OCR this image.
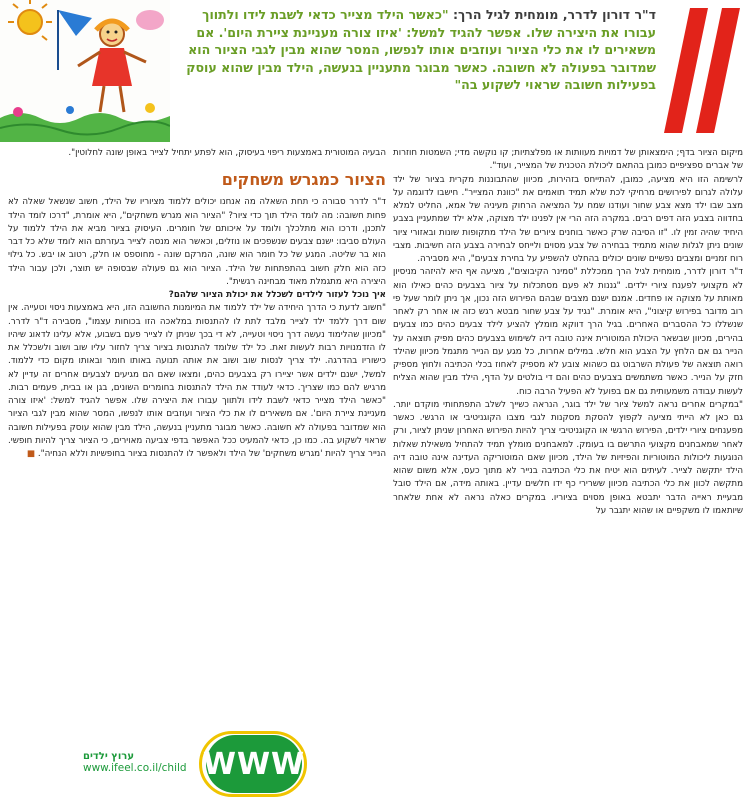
ד"ר דורון לדרר, מומחית לגיל הרך: "כאשר הילד מצייר כדאי לשבת לידו ולתווך עבורו את היצירה שלו. אפשר להגיד למשל: 'איזו צורה מעניינת ציירת היום'. אם משאירים לו את כלי הציור ועוזבים אותו לנפשו, המסר שהוא מבין לגבי הציור הוא שמדובר בפעולה לא חשובה. כאשר מבוגר מתעניין בנעשה, הילד מבין שהוא עוסק בפעילות חשובה שראוי לשקוע בה"

מיקום הציור בדף; הימצאותן של דמויות מעוותות או מפלצתיות; קו נוקשה מדי; השמטות חוזרות של אברים ספציפיים כמובן בהתאם ליכולת הטכנית של המצייר, ועוד".

לרשימה הזו היא מציעה, כמובן, להתייחס בזהירות, מכיוון שהתבוננות מקרית בציור של ילד עלולה לגרום לפירושים מרחיקי לכת שלא תמיד תואמים את "כוונת המצייר". חישבו לדוגמה על מצב שבו ילד מצא צבע שחור ועודנו שמח על המציאה הרחוק מעיניה של אמא, החליט למלא בחדווה בצבע הזה דפים רבים. במקרה הזה הרי אין לפנינו ילד מצוקה, אלא ילד שמתעניין בצבע היחיד שהיה זמין לו. "זו הסיבה שרק כאשר בוחנים ציורים של הילד מתקופות שונות ובאזורי ציור שונים ניתן לגלות שהוא מתמיד בבחירה של צבע מסוים ולייחס לבחירה בצבע הזה חשיבות. מצבי רוח זמניים ומצבים נפשיים שונים יכולים בהחלט להשפיע על בחירת צבעים", היא מסבירה.

ד"ר דורון לדרר, מומחית לגיל הרך ממכללת "סמינר הקיבוצים", מציעה אף היא להיזהר מניסיון לא מקצועי לפענח ציורי ילדים. "גננות לא פעם מסתכלות על ציור בצבעים כהים כאילו הוא מאותת על מצוקה או פחדים. אמנם ישנם מצבים שבהם הפירוש הזה נכון, אך ניתן לומר שעל פי רוב מדובר בפירוש קיצוני", היא אומרת. "נגיד על צבע שחור מבטא רגש כזה או אחר רק לאחר שנשללו כל ההסברים האחרים. בגיל הרך דווקא מומלץ להציע לילד צבעים כהים כמו צבעים בהירים, מכיוון שבשאר היכולת המוטורית אינה טובה דיה לשימוש בצבעים כהים מפיק תוצאה על הנייר גם אם הלחץ על הצבע הוא חלש. במילים אחרות, כל מגע עם הנייר מתגמל מכיוון שהילד רואה תוצאה של פעולת השרבוט גם כשהוא צובע לא מספיק לאחוז בכלי הכתיבה ולחוץ מספיק חזק על הנייר. כאשר משתמשים בצבעים כהים והם די בולטים על הדף, הילד מבין שהוא הצליח לעשות עבודה משמעותית גם אם בפועל לא הפעיל הרבה כוח.

"במקרים אחרים נראה למשל ציור של ילד בוגר, הנראה כשייך לשלב התפתחותי מוקדם יותר. גם כאן לא הייתי מציעה לקפוץ להסקת מסקנות לגבי מצבו הקוגניטיבי או הרגשי. כאשר מפענחים ציורי ילדים, הפירוש הרגשי או הקוגניטיבי צריך להיות הפירוש האחרון שניתן לציור, ורק לאחר שמאבחנים מקצועי התרשם בו בעומק. למאבחנים מומלץ תמיד להתחיל משאילת שאלות הנוגעות ליכולות המוטוריות והפיזיות של הילד, מכיוון שאם המוטוריקה העדינה אינה טובה דיה הילד יתקשה לצייר. לעיתים הוא יטיח את כלי הכתיבה בנייר לא מתוך כעס, אלא משום שהוא מתקשה לכוון את כלי הכתיבה מכיוון ששרירי כף ידו חלשים עדיין. באותה מידה, אם הילד סובל מבעיית ראייה הדבר יתבטא באופן מסוים בציוריו. במקרים כאלה נראה לא אחת שלאחר שיותאמו לו משקפיים או שהוא יתגבר על

הבעיה המוטורית באמצעות ריפוי בעיסוק, הוא לפתע יתחיל לצייר באופן שונה לחלוטין".

הציור כמגרש משחקים

ד"ר לדרר סבורה כי תחת השאלה מה אנחנו יכולים ללמוד מציוריו של הילד, חשוב שנשאל שאלה לא פחות חשובה: מה לומד הילד תוך כדי ציור? "הציור הוא מגרש משחקים", היא אומרת, "דרכו לומד הילד לתכנן, ודרכו הוא מתלכלך ולומד על איכותם של חומרים. העיסוק בציור מביא את הילד ללמוד על העולם סביבו: ישנם צבעים שנשפכים או נוזלים, וכאשר הוא מנסה לצייר בעזרתם הוא לומד שלא כל דבר הוא בר שליטה. המגע של כל חומר הוא שונה, המרקם שונה - מחוספס או חלק, רטוב או יבש. כל גילוי כזה הוא חלק חשוב בהתפתחות של הילד. הציור הוא גם פעולה שבסופה יש תוצר, ולכן עבור הילד היצירה היא מתגמלת מאוד מבחינה רגשית".

איך נוכל לעזור לילדים לשכלל את יכולת הציור שלהם?

"חשוב לדעת כי הדרך היחידה של ילד ללמוד את המיומנות החשובה הזו, היא באמצעות ניסוי וטעייה. אין שום דרך ללמד ילד לצייר מלבד לתת לו להתנסות במלאכה הזו בכוחות עצמו", מסבירה ד"ר לדרר. "מכיוון שהלימוד נעשה דרך ניסוי וטעייה, לא די בכך שניתן לו לצייר פעם בשבוע, אלא עלינו לדאוג שיהיו לו הזדמנויות רבות לעשות זאת. כל ילד שלומד להתנסות בציור צריך לחזור עליו שוב ושוב ולשכלל את כישוריו בהדרגה. ילד צריך לנסות שוב ושוב את אותה תנועה באותו חומר ובאותו מקום כדי ללמוד. למשל, ישנם ילדים אשר יציירו רק בצבעים כהים, ומצאו שאם הם מגיעים לצבעים אחרים זה עדיין לא מרגיש להם כמו שצריך. כדאי לעודד את הילד להתנסות בחומרים השונים, בגן או בבית, פעמים רבות. "כאשר הילד מצייר כדאי לשבת לידו ולתווך עבורו את היצירה שלו. אפשר להגיד למשל: 'איזו צורה מעניינת ציירת היום'. אם משאירים לו את כלי הציור ועוזבים אותו לנפשו, המסר שהוא מבין לגבי הציור הוא שמדובר בפעולה לא חשובה. כאשר מבוגר מתעניין בנעשה, הילד מבין שהוא עוסק בפעילות חשובה שראוי לשקוע בה. כמו כן, כדאי להמעיט ככל האפשר בדפי צביעה מאוירים, כי הציור צריך להיות חופשי. הנייר צריך להיות 'מגרש משחקים' של הילד ולאפשר לו להתנסות בציור בחופשיות וללא הנחיה". ■

ערוץ ילדים
www.ifeel.co.il/child WWW
